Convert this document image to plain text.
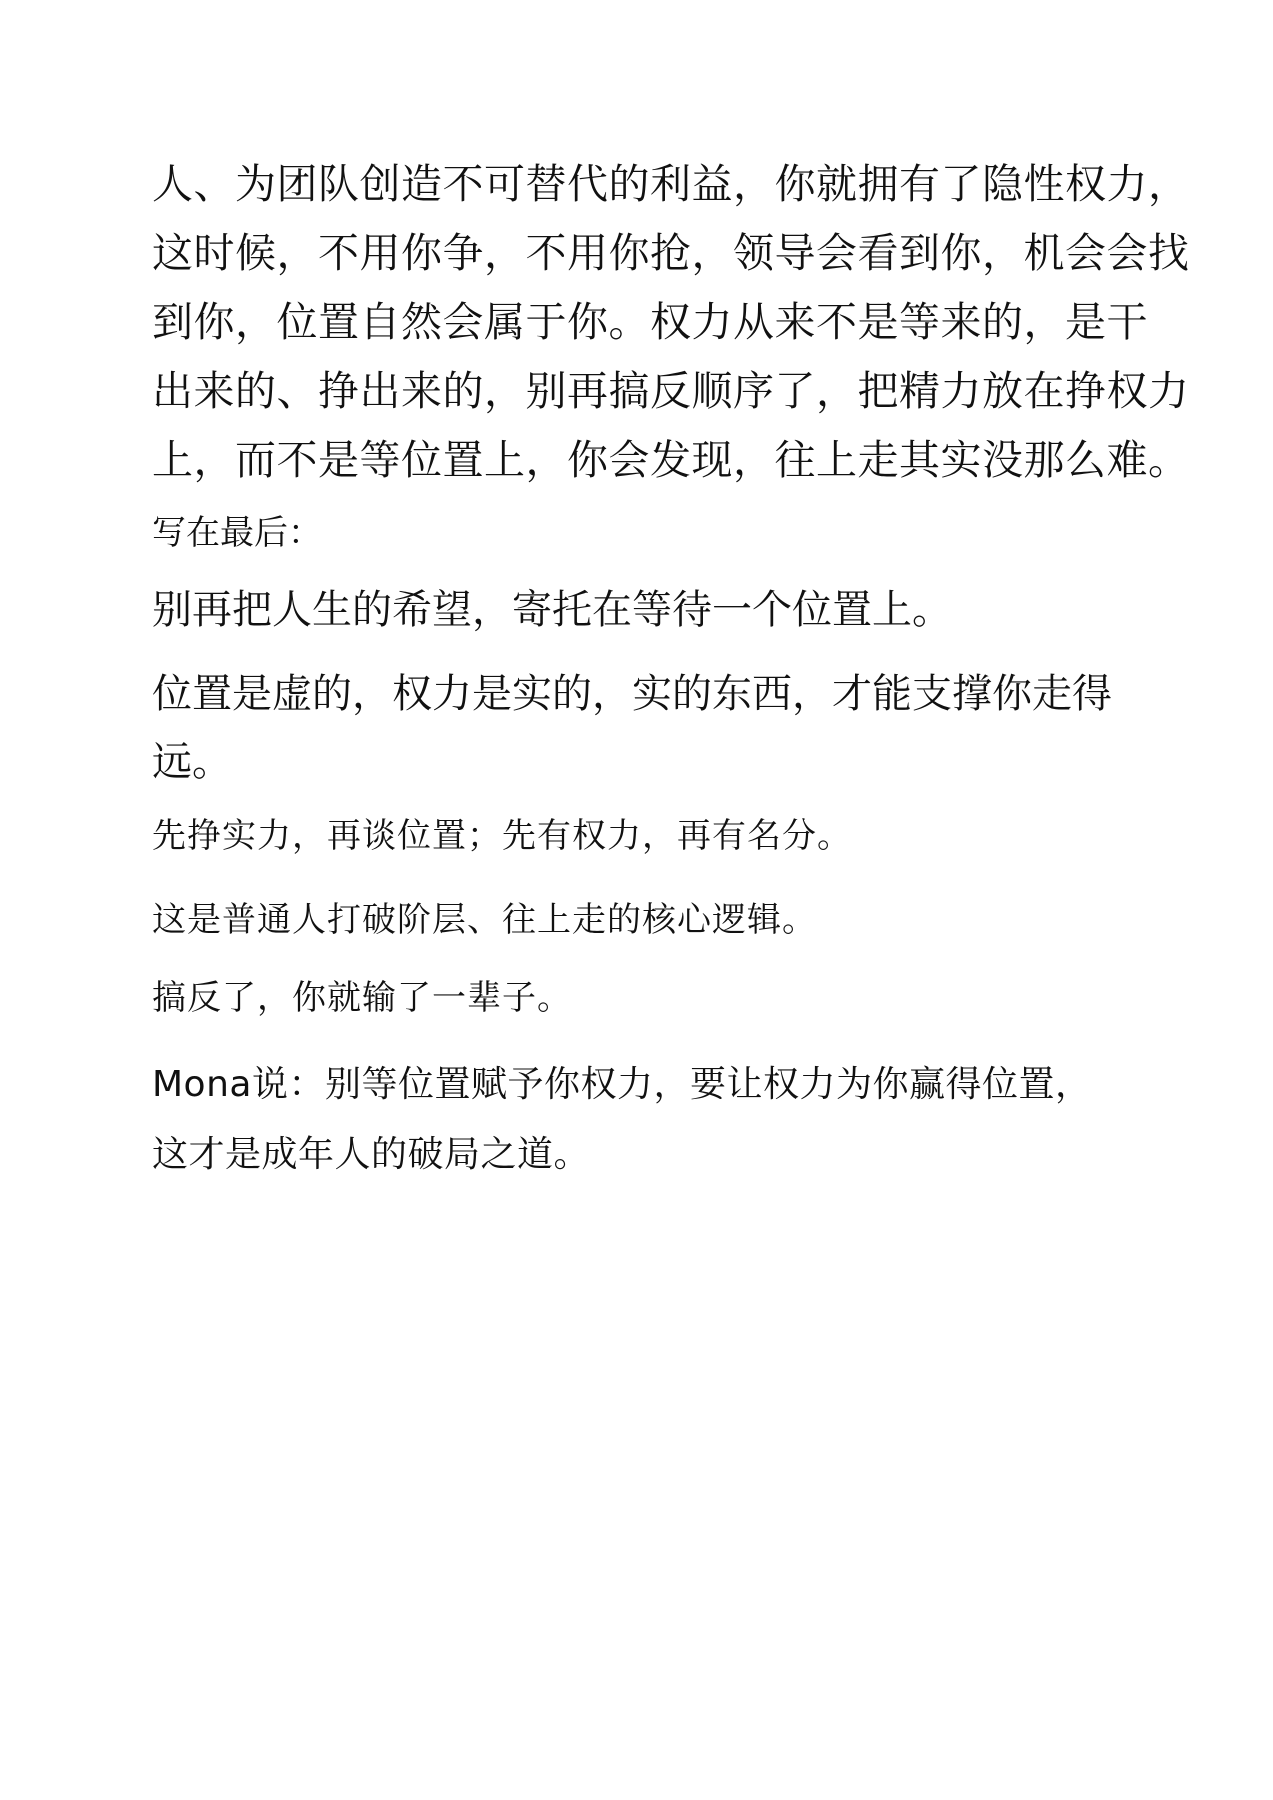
人、为团队创造不可替代的利益，你就拥有了隐性权力，
这时候，不用你争，不用你抢，领导会看到你，机会会找
到你，位置自然会属于你。权力从来不是等来的，是干
出来的、挣出来的，别再搞反顺序了，把精力放在挣权力
上，而不是等位置上，你会发现，往上走其实没那么难。

写在最后：

别再把人生的希望，寄托在等待一个位置上。

位置是虚的，权力是实的，实的东西，才能支撑你走得
远。

先挣实力，再谈位置；先有权力，再有名分。

这是普通人打破阶层、往上走的核心逻辑。

搞反了，你就输了一辈子。

Mona说：别等位置赋予你权力，要让权力为你赢得位置，
这才是成年人的破局之道。
